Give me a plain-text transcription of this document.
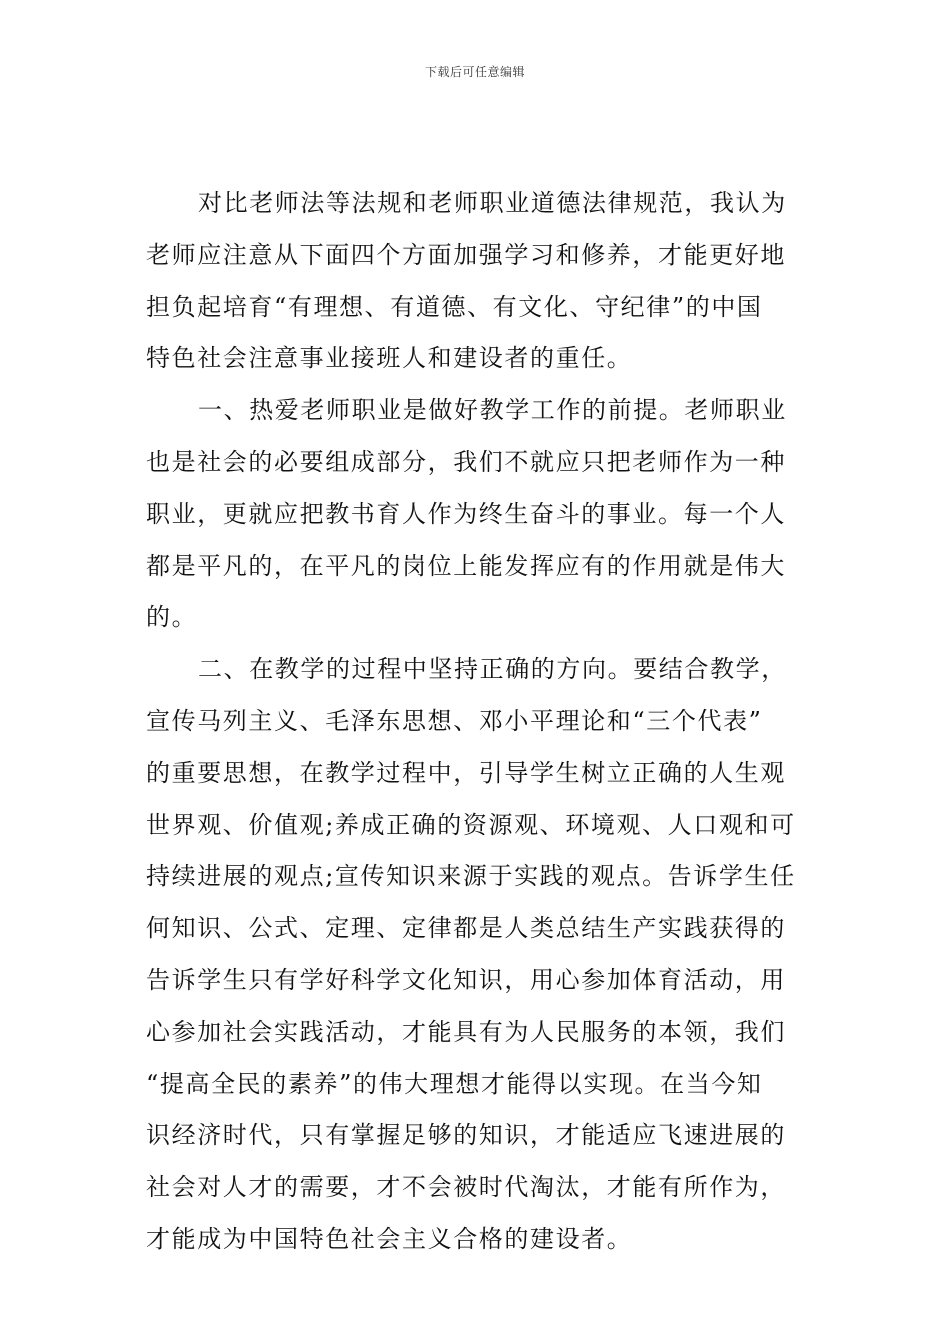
下载后可任意编辑

对比老师法等法规和老师职业道德法律规范，我认为

老师应注意从下面四个方面加强学习和修养，才能更好地

担负起培育“有理想、有道德、有文化、守纪律”的中国

特色社会注意事业接班人和建设者的重任。

一、热爱老师职业是做好教学工作的前提。老师职业

也是社会的必要组成部分，我们不就应只把老师作为一种

职业，更就应把教书育人作为终生奋斗的事业。每一个人

都是平凡的，在平凡的岗位上能发挥应有的作用就是伟大

的。

二、在教学的过程中坚持正确的方向。要结合教学，

宣传马列主义、毛泽东思想、邓小平理论和“三个代表”

的重要思想，在教学过程中，引导学生树立正确的人生观

世界观、价值观;养成正确的资源观、环境观、人口观和可

持续进展的观点;宣传知识来源于实践的观点。告诉学生任

何知识、公式、定理、定律都是人类总结生产实践获得的

告诉学生只有学好科学文化知识，用心参加体育活动，用

心参加社会实践活动，才能具有为人民服务的本领，我们

“提高全民的素养”的伟大理想才能得以实现。在当今知

识经济时代，只有掌握足够的知识，才能适应飞速进展的

社会对人才的需要，才不会被时代淘汰，才能有所作为，

才能成为中国特色社会主义合格的建设者。
